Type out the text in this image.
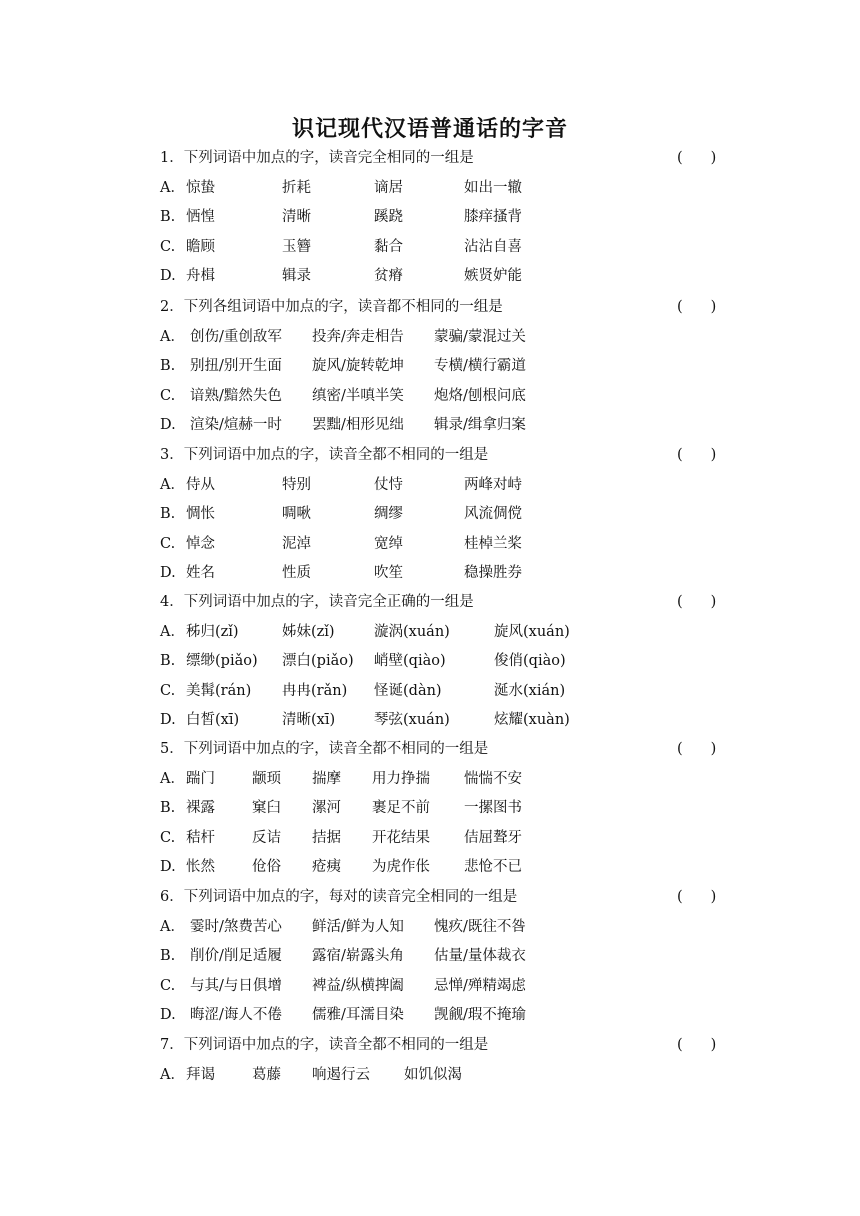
识记现代汉语普通话的字音
1．下列词语中加点的字，读音完全相同的一组是	( )
A． 惊蛰	折耗	谪居	如出一辙
B. 恓惶	清晰	蹊跷	膝痒搔背
C. 瞻顾	玉簪	黏合	沾沾自喜
D. 舟楫	辑录	贫瘠	嫉贤妒能
2．下列各组词语中加点的字，读音都不相同的一组是	( )
A． 创伤/重创敌军 投奔/奔走相告 蒙骗/蒙混过关
B. 别扭/别开生面 旋风/旋转乾坤 专横/横行霸道
C. 谙熟/黯然失色 缜密/半嗔半笑 炮烙/刨根问底
D. 渲染/煊赫一时 罢黜/相形见绌 辑录/缉拿归案
3．下列词语中加点的字，读音全都不相同的一组是	( )
A． 侍从	特别	仗恃	两峰对峙
B. 惆怅	啁啾	绸缪	风流倜傥
C. 悼念	泥淖	宽绰	桂棹兰桨
D. 姓名	性质	吹笙	稳操胜券
4．下列词语中加点的字，读音完全正确的一组是	( )
A． 秭归(zǐ)	姊妹(zǐ)	漩涡(xuán)	旋风(xuán)
B. 缥缈(piǎo) 漂白(piǎo) 峭壁(qiào)	俊俏(qiào)
C. 美髯(rán) 冉冉(rǎn) 怪诞(dàn)	涎水(xián)
D. 白皙(xī)	清晰(xī)	琴弦(xuán)	炫耀(xuàn)
5．下列词语中加点的字，读音全都不相同的一组是	( )
A． 踹门	颛顼 揣摩 用力挣揣 惴惴不安
B. 裸露	窠臼 漯河 裹足不前 一摞图书
C. 秸杆	反诘 拮据 开花结果 佶屈聱牙
D. 怅然	伧俗 疮痍 为虎作伥 悲怆不已
6．下列词语中加点的字，每对的读音完全相同的一组是	( )
A． 霎时/煞费苦心 鲜活/鲜为人知 愧疚/既往不咎
B. 削价/削足适履 露宿/崭露头角 估量/量体裁衣
C. 与其/与日俱增 裨益/纵横捭阖 忌惮/殚精竭虑
D. 晦涩/诲人不倦 儒雅/耳濡目染 觊觎/瑕不掩瑜
7．下列词语中加点的字，读音全都不相同的一组是	( )
A． 拜谒	葛藤 响遏行云 如饥似渴
